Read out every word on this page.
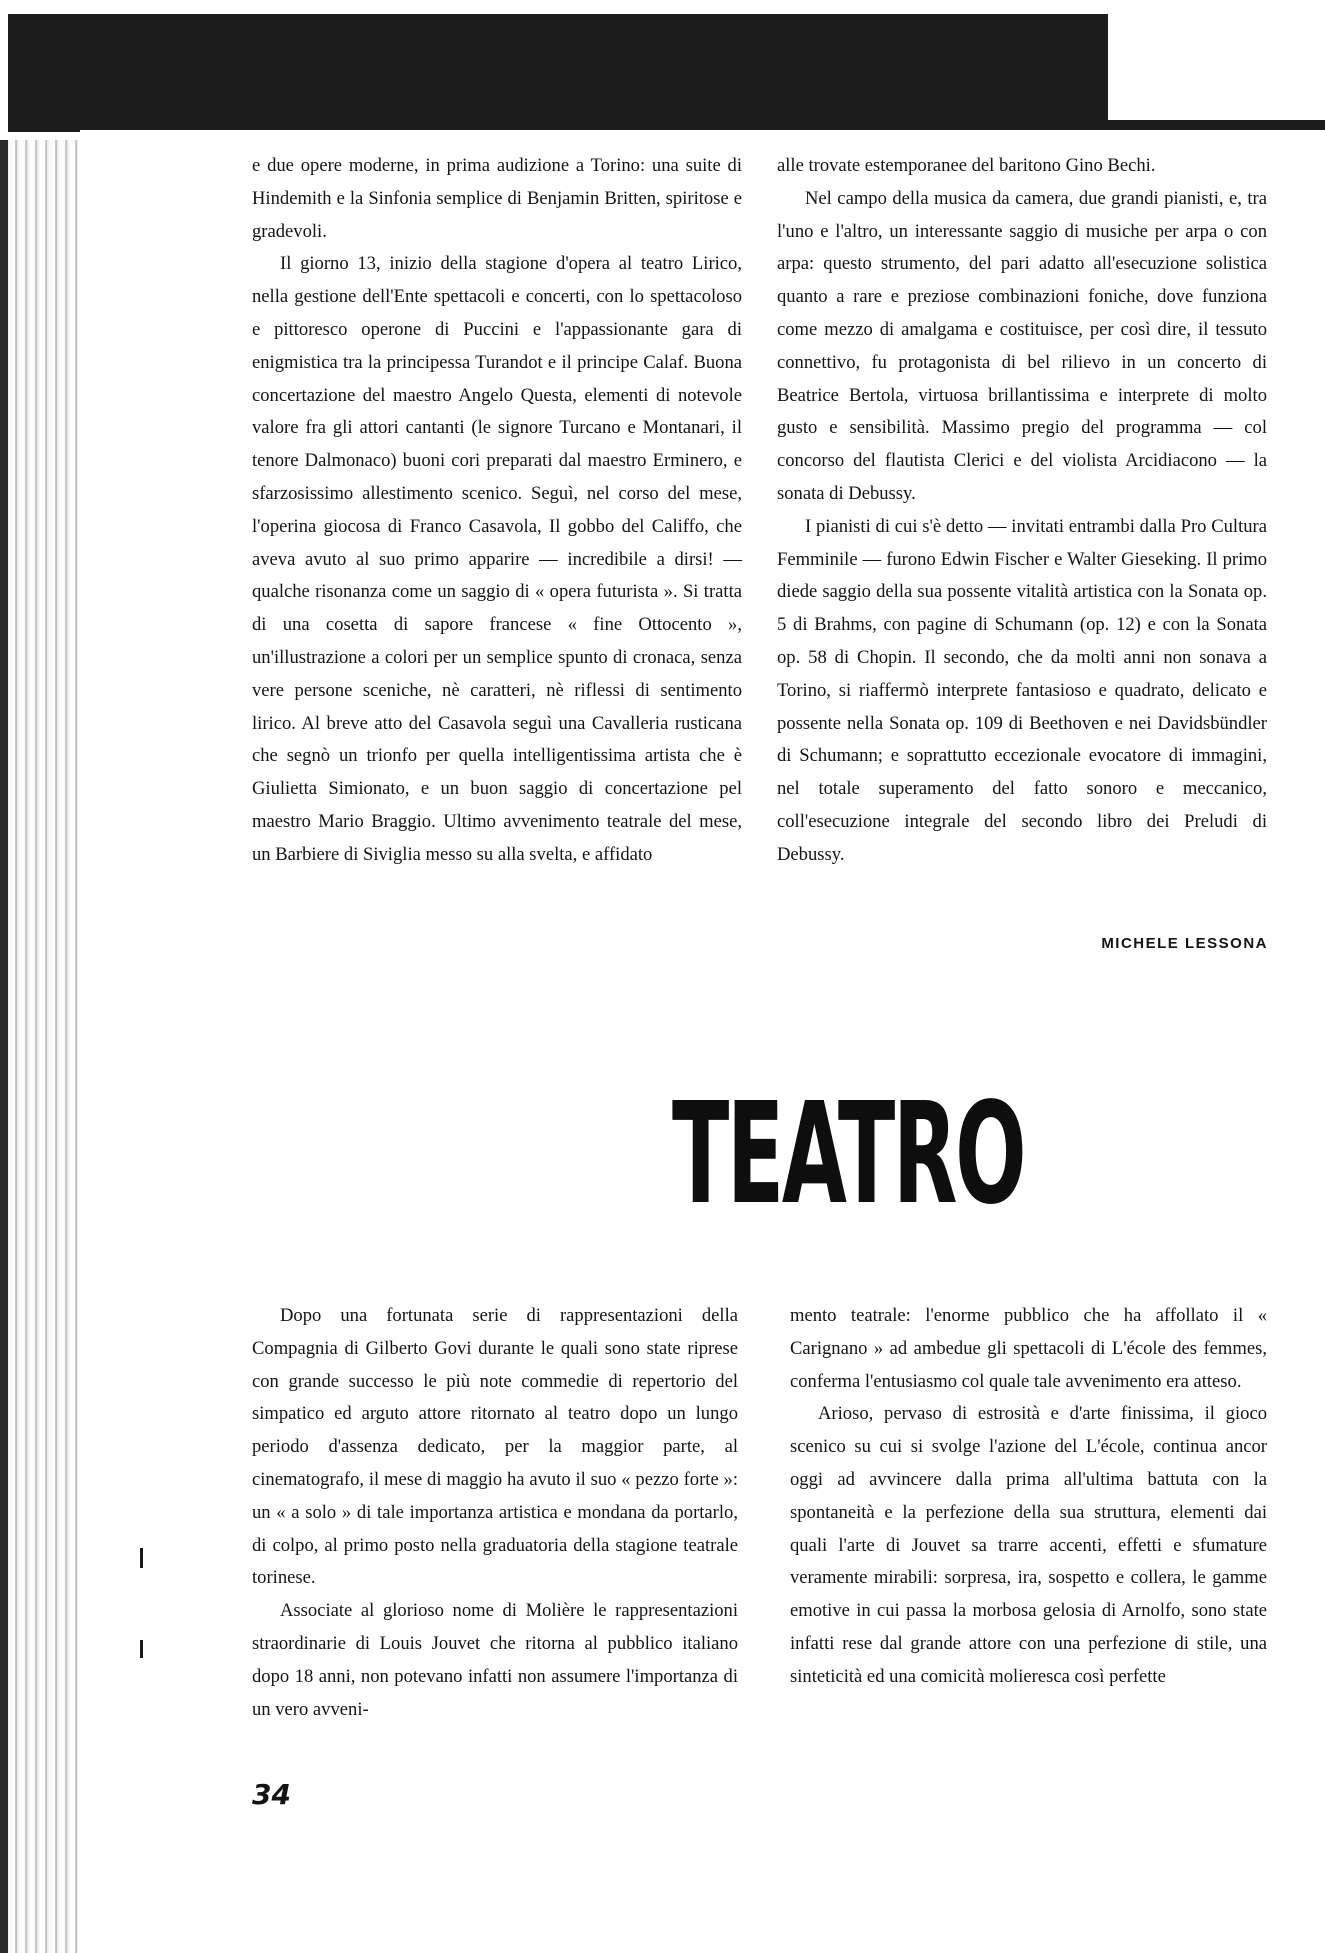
e due opere moderne, in prima audizione a Torino: una suite di Hindemith e la Sinfonia semplice di Benjamin Britten, spiritose e gradevoli.

Il giorno 13, inizio della stagione d'opera al teatro Lirico, nella gestione dell'Ente spettacoli e concerti, con lo spettacoloso e pittoresco operone di Puccini e l'appassionante gara di enigmistica tra la principessa Turandot e il principe Calaf. Buona concertazione del maestro Angelo Questa, elementi di notevole valore fra gli attori cantanti (le signore Turcano e Montanari, il tenore Dalmonaco) buoni cori preparati dal maestro Erminero, e sfarzosissimo allestimento scenico. Seguì, nel corso del mese, l'operina giocosa di Franco Casavola, Il gobbo del Califfo, che aveva avuto al suo primo apparire — incredibile a dirsi! — qualche risonanza come un saggio di « opera futurista ». Si tratta di una cosetta di sapore francese « fine Ottocento », un'illustrazione a colori per un semplice spunto di cronaca, senza vere persone sceniche, nè caratteri, nè riflessi di sentimento lirico. Al breve atto del Casavola seguì una Cavalleria rusticana che segnò un trionfo per quella intelligentissima artista che è Giulietta Simionato, e un buon saggio di concertazione pel maestro Mario Braggio. Ultimo avvenimento teatrale del mese, un Barbiere di Siviglia messo su alla svelta, e affidato

alle trovate estemporanee del baritono Gino Bechi.

Nel campo della musica da camera, due grandi pianisti, e, tra l'uno e l'altro, un interessante saggio di musiche per arpa o con arpa: questo strumento, del pari adatto all'esecuzione solistica quanto a rare e preziose combinazioni foniche, dove funziona come mezzo di amalgama e costituisce, per così dire, il tessuto connettivo, fu protagonista di bel rilievo in un concerto di Beatrice Bertola, virtuosa brillantissima e interprete di molto gusto e sensibilità. Massimo pregio del programma — col concorso del flautista Clerici e del violista Arcidiacono — la sonata di Debussy.

I pianisti di cui s'è detto — invitati entrambi dalla Pro Cultura Femminile — furono Edwin Fischer e Walter Gieseking. Il primo diede saggio della sua possente vitalità artistica con la Sonata op. 5 di Brahms, con pagine di Schumann (op. 12) e con la Sonata op. 58 di Chopin. Il secondo, che da molti anni non sonava a Torino, si riaffermò interprete fantasioso e quadrato, delicato e possente nella Sonata op. 109 di Beethoven e nei Davidsbündler di Schumann; e soprattutto eccezionale evocatore di immagini, nel totale superamento del fatto sonoro e meccanico, coll'esecuzione integrale del secondo libro dei Preludi di Debussy.

MICHELE LESSONA
TEATRO

Dopo una fortunata serie di rappresentazioni della Compagnia di Gilberto Govi durante le quali sono state riprese con grande successo le più note commedie di repertorio del simpatico ed arguto attore ritornato al teatro dopo un lungo periodo d'assenza dedicato, per la maggior parte, al cinematografo, il mese di maggio ha avuto il suo « pezzo forte »: un « a solo » di tale importanza artistica e mondana da portarlo, di colpo, al primo posto nella graduatoria della stagione teatrale torinese.

Associate al glorioso nome di Molière le rappresentazioni straordinarie di Louis Jouvet che ritorna al pubblico italiano dopo 18 anni, non potevano infatti non assumere l'importanza di un vero avveni-

mento teatrale: l'enorme pubblico che ha affollato il « Carignano » ad ambedue gli spettacoli di L'école des femmes, conferma l'entusiasmo col quale tale avvenimento era atteso.

Arioso, pervaso di estrosità e d'arte finissima, il gioco scenico su cui si svolge l'azione del L'école, continua ancor oggi ad avvincere dalla prima all'ultima battuta con la spontaneità e la perfezione della sua struttura, elementi dai quali l'arte di Jouvet sa trarre accenti, effetti e sfumature veramente mirabili: sorpresa, ira, sospetto e collera, le gamme emotive in cui passa la morbosa gelosia di Arnolfo, sono state infatti rese dal grande attore con una perfezione di stile, una sinteticità ed una comicità molieresca così perfette

34
